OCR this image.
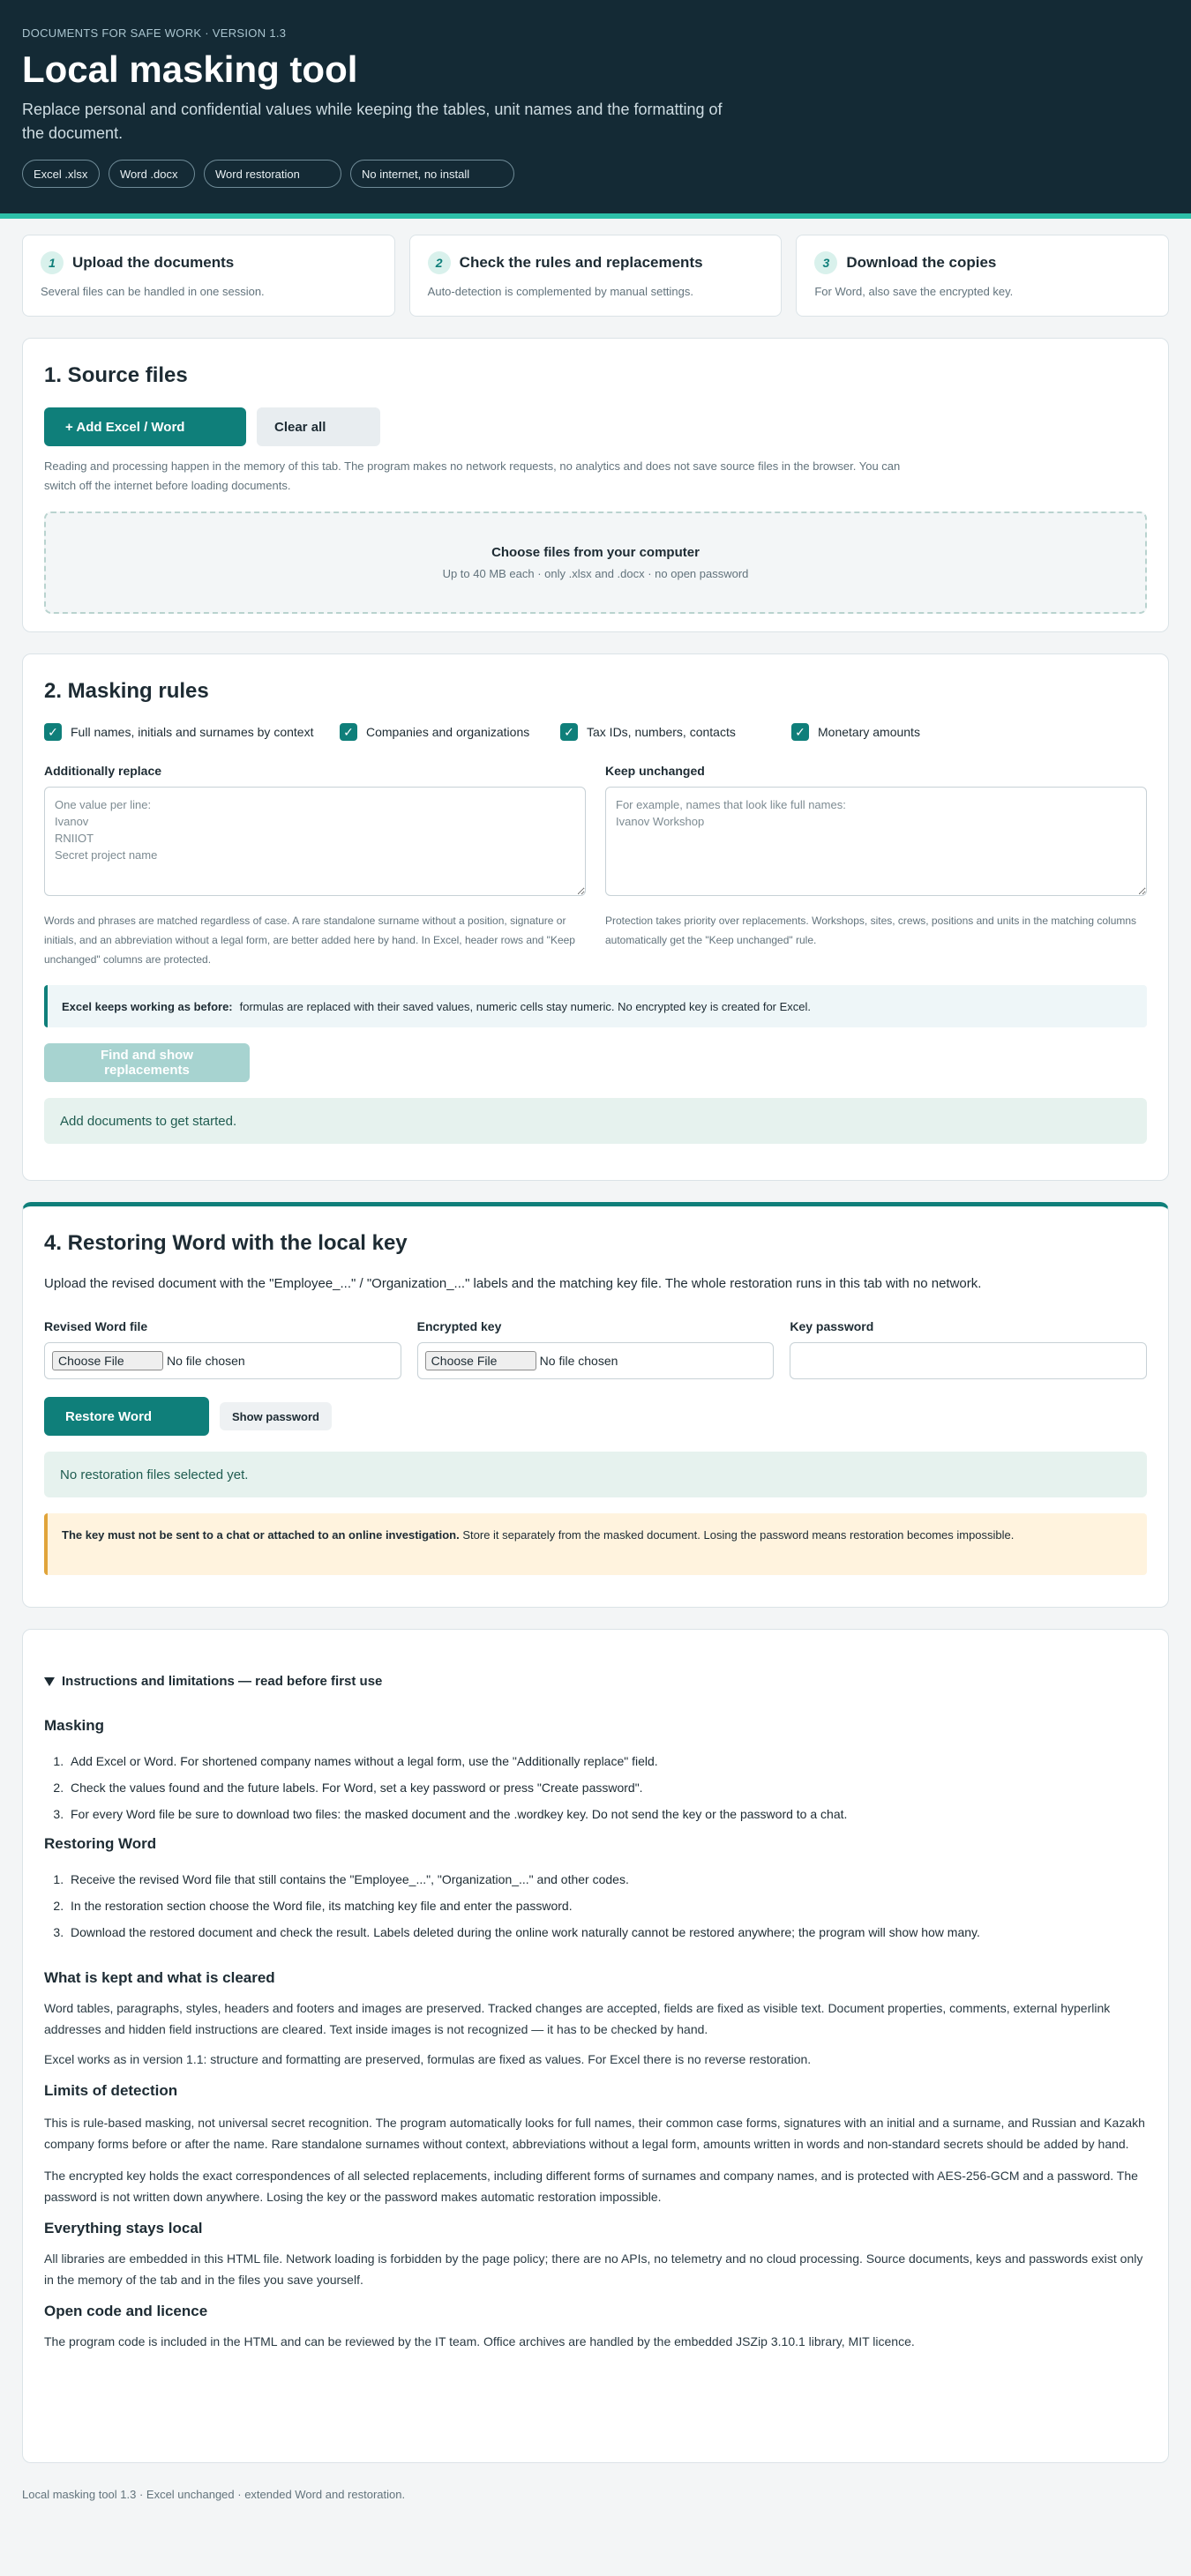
DOCUMENTS FOR SAFE WORK · VERSION 1.3
Local masking tool
Replace personal and confidential values while keeping the tables, unit names and the formatting of the document.
Excel .xlsx	Word .docx	Word restoration	No internet, no install
1	Upload the documents
Several files can be handled in one session.
2	Check the rules and replacements
Auto-detection is complemented by manual settings.
3	Download the copies
For Word, also save the encrypted key.
1. Source files
+ Add Excel / Word	Clear all
Reading and processing happen in the memory of this tab. The program makes no network requests, no analytics and does not save source files in the browser. You can switch off the internet before loading documents.
Choose files from your computer
Up to 40 MB each · only .xlsx and .docx · no open password
2. Masking rules
✓ Full names, initials and surnames by context ✓ Companies and organizations	✓ Tax IDs, numbers, contacts	✓ Monetary amounts
Additionally replace
One value per line: Ivanov RNIIOT Secret project name
Words and phrases are matched regardless of case. A rare standalone surname without a position, signature or initials, and an abbreviation without a legal form, are better added here by hand. In Excel, header rows and "Keep unchanged" columns are protected.
Keep unchanged
For example, names that look like full names: Ivanov Workshop
Protection takes priority over replacements. Workshops, sites, crews, positions and units in the matching columns automatically get the "Keep unchanged" rule.
Excel keeps working as before: formulas are replaced with their saved values, numeric cells stay numeric. No encrypted key is created for Excel.
Find and show replacements
Add documents to get started.
4. Restoring Word with the local key

Upload the revised document with the "Employee_..." / "Organization_..." labels and the matching key file. The whole restoration runs in this tab with no network.

Revised Word file
Choose File	No file chosen
Encrypted key
Choose File	No file chosen
Key password
Restore Word	Show password
No restoration files selected yet.
The key must not be sent to a chat or attached to an online investigation. Store it separately from the masked document. Losing the password means restoration becomes impossible.
Instructions and limitations — read before first use
Masking
1. Add Excel or Word. For shortened company names without a legal form, use the "Additionally replace" field.
2. Check the values found and the future labels. For Word, set a key password or press "Create password".
3. For every Word file be sure to download two files: the masked document and the .wordkey key. Do not send the key or the password to a chat.
Restoring Word
1. Receive the revised Word file that still contains the "Employee_...", "Organization_..." and other codes.
2. In the restoration section choose the Word file, its matching key file and enter the password.
3. Download the restored document and check the result. Labels deleted during the online work naturally cannot be restored anywhere; the program will show how many.
What is kept and what is cleared

Word tables, paragraphs, styles, headers and footers and images are preserved. Tracked changes are accepted, fields are fixed as visible text. Document properties, comments, external hyperlink addresses and hidden field instructions are cleared. Text inside images is not recognized — it has to be checked by hand.

Excel works as in version 1.1: structure and formatting are preserved, formulas are fixed as values. For Excel there is no reverse restoration.

Limits of detection

This is rule-based masking, not universal secret recognition. The program automatically looks for full names, their common case forms, signatures with an initial and a surname, and Russian and Kazakh company forms before or after the name. Rare standalone surnames without context, abbreviations without a legal form, amounts written in words and non-standard secrets should be added by hand.

The encrypted key holds the exact correspondences of all selected replacements, including different forms of surnames and company names, and is protected with AES-256-GCM and a password. The password is not written down anywhere. Losing the key or the password makes automatic restoration impossible.

Everything stays local

All libraries are embedded in this HTML file. Network loading is forbidden by the page policy; there are no APIs, no telemetry and no cloud processing. Source documents, keys and passwords exist only in the memory of the tab and in the files you save yourself.

Open code and licence

The program code is included in the HTML and can be reviewed by the IT team. Office archives are handled by the embedded JSZip 3.10.1 library, MIT licence.

Local masking tool 1.3 · Excel unchanged · extended Word and restoration.
